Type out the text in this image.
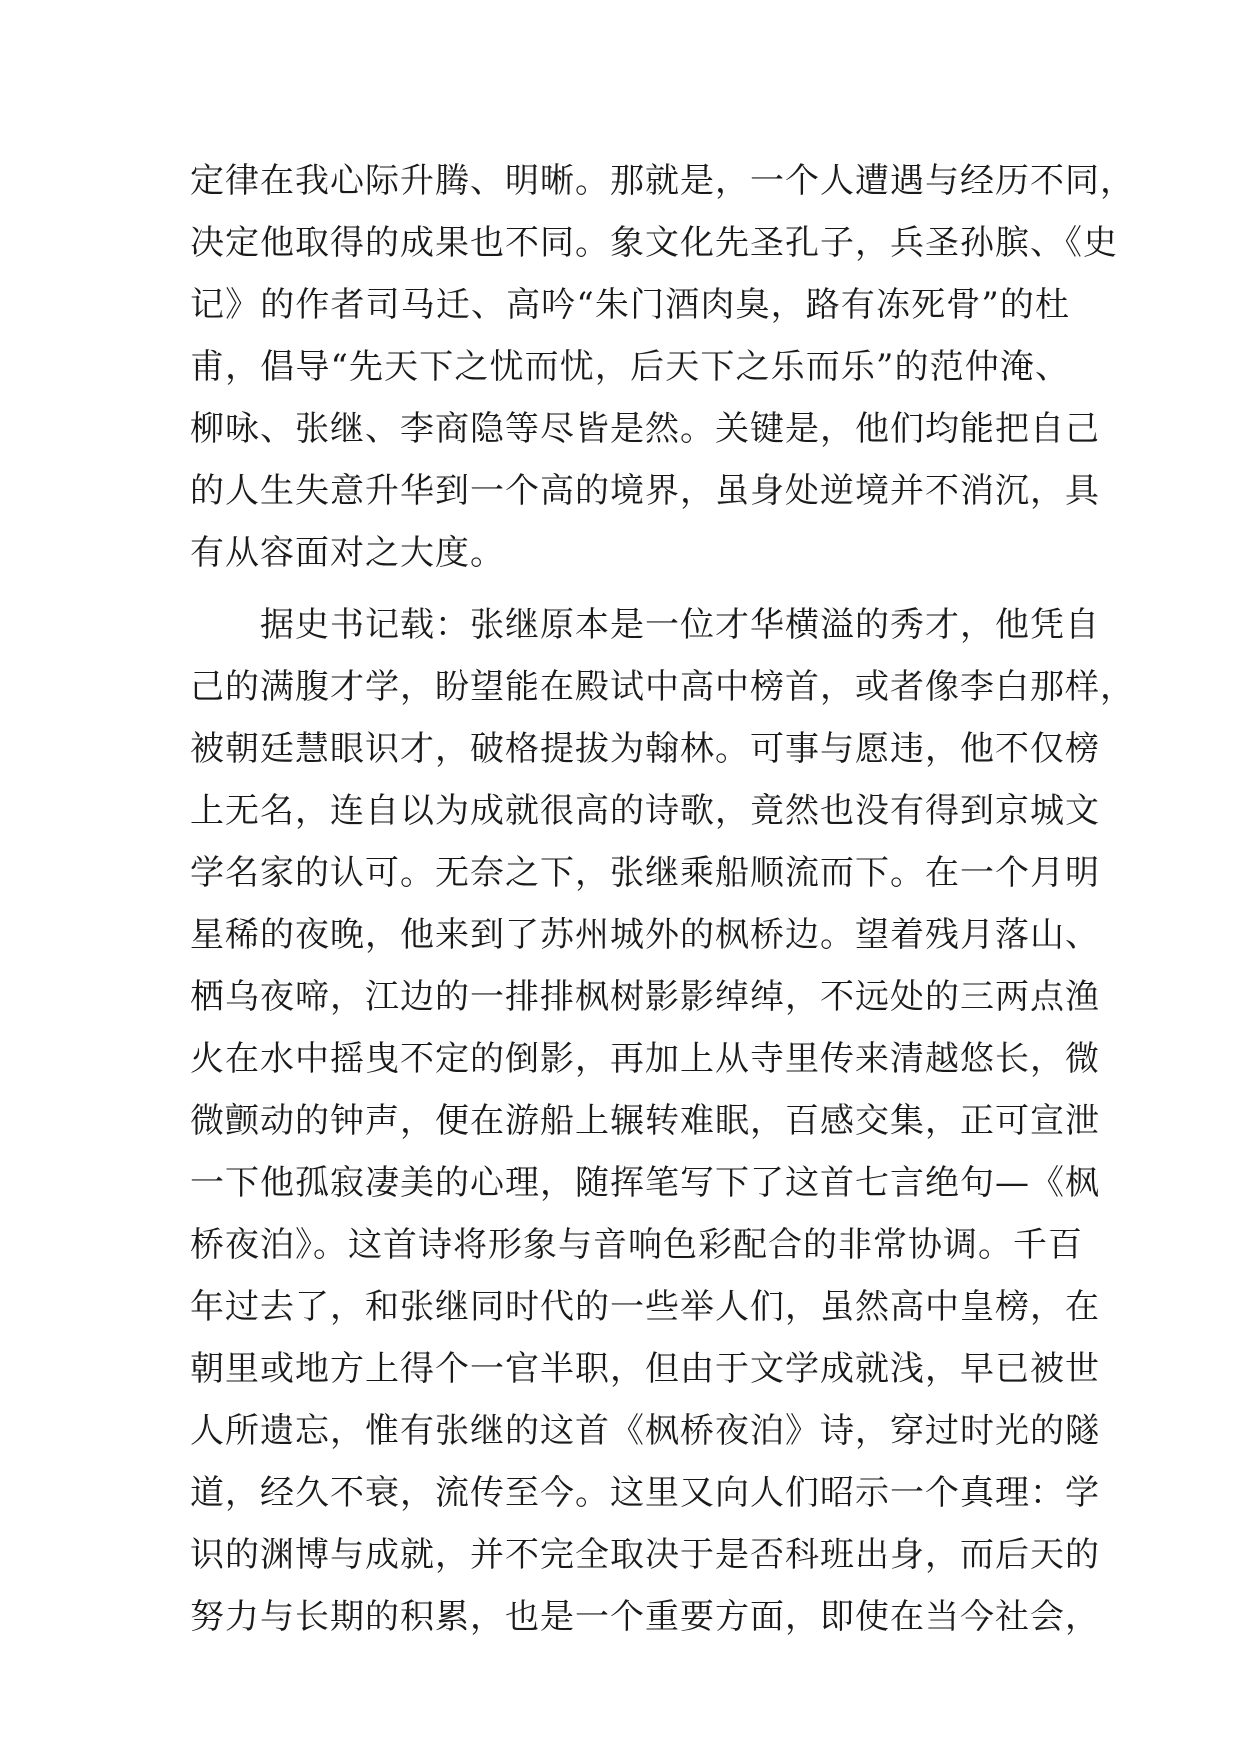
定律在我心际升腾、明晰。那就是，一个人遭遇与经历不同，
决定他取得的成果也不同。象文化先圣孔子，兵圣孙膑、《史
记》的作者司马迁、高吟“朱门酒肉臭，路有冻死骨”的杜
甫，倡导“先天下之忧而忧，后天下之乐而乐”的范仲淹、
柳咏、张继、李商隐等尽皆是然。关键是，他们均能把自己
的人生失意升华到一个高的境界，虽身处逆境并不消沉，具
有从容面对之大度。
　　据史书记载：张继原本是一位才华横溢的秀才，他凭自
己的满腹才学，盼望能在殿试中高中榜首，或者像李白那样，
被朝廷慧眼识才，破格提拔为翰林。可事与愿违，他不仅榜
上无名，连自以为成就很高的诗歌，竟然也没有得到京城文
学名家的认可。无奈之下，张继乘船顺流而下。在一个月明
星稀的夜晚，他来到了苏州城外的枫桥边。望着残月落山、
栖乌夜啼，江边的一排排枫树影影绰绰，不远处的三两点渔
火在水中摇曳不定的倒影，再加上从寺里传来清越悠长，微
微颤动的钟声，便在游船上辗转难眠，百感交集，正可宣泄
一下他孤寂凄美的心理，随挥笔写下了这首七言绝句—《枫
桥夜泊》。这首诗将形象与音响色彩配合的非常协调。千百
年过去了，和张继同时代的一些举人们，虽然高中皇榜，在
朝里或地方上得个一官半职，但由于文学成就浅，早已被世
人所遗忘，惟有张继的这首《枫桥夜泊》诗，穿过时光的隧
道，经久不衰，流传至今。这里又向人们昭示一个真理：学
识的渊博与成就，并不完全取决于是否科班出身，而后天的
努力与长期的积累，也是一个重要方面，即使在当今社会，
